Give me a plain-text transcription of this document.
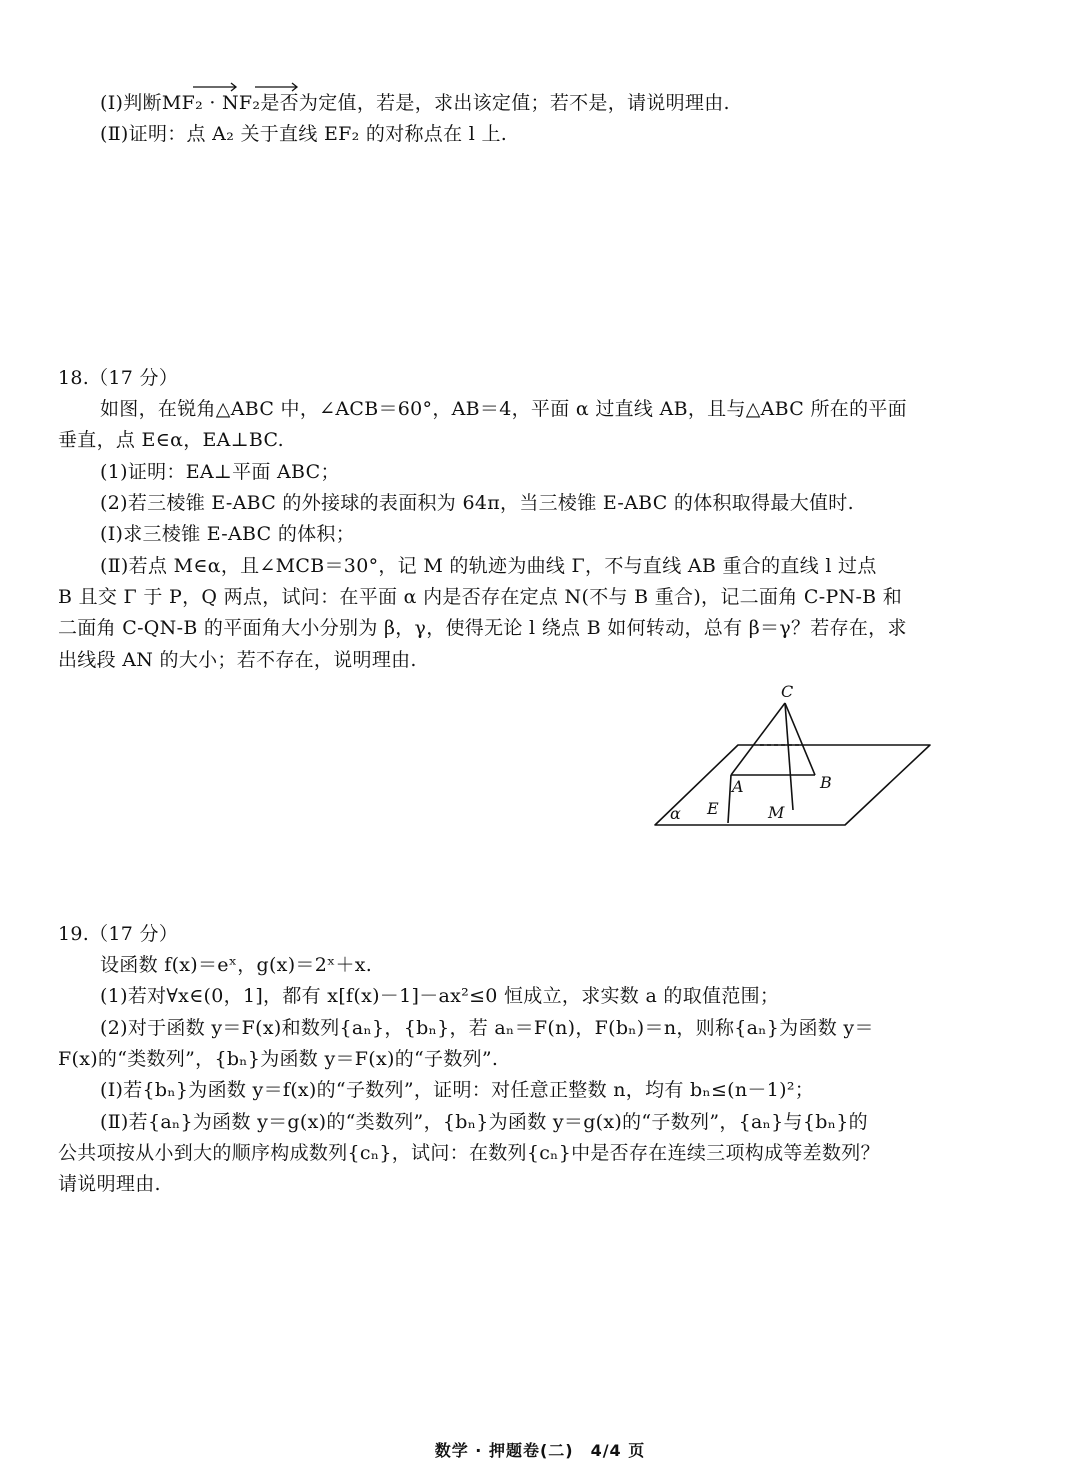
(Ⅰ)判断MF₂ · NF₂是否为定值，若是，求出该定值；若不是，请说明理由.
(Ⅱ)证明：点 A₂ 关于直线 EF₂ 的对称点在 l 上.
18.（17 分）
如图，在锐角△ABC 中，∠ACB＝60°，AB＝4，平面 α 过直线 AB，且与△ABC 所在的平面
垂直，点 E∈α，EA⊥BC.
(1)证明：EA⊥平面 ABC；
(2)若三棱锥 E-ABC 的外接球的表面积为 64π，当三棱锥 E-ABC 的体积取得最大值时.
(Ⅰ)求三棱锥 E-ABC 的体积；
(Ⅱ)若点 M∈α，且∠MCB＝30°，记 M 的轨迹为曲线 Γ，不与直线 AB 重合的直线 l 过点
B 且交 Γ 于 P，Q 两点，试问：在平面 α 内是否存在定点 N(不与 B 重合)，记二面角 C-PN-B 和
二面角 C-QN-B 的平面角大小分别为 β，γ，使得无论 l 绕点 B 如何转动，总有 β＝γ？若存在，求
出线段 AN 的大小；若不存在，说明理由.
C
A	B
E	M
α
19.（17 分）
设函数 f(x)＝eˣ，g(x)＝2ˣ＋x.
(1)若对∀x∈(0，1]，都有 x[f(x)－1]－ax²≤0 恒成立，求实数 a 的取值范围；
(2)对于函数 y＝F(x)和数列{aₙ}，{bₙ}，若 aₙ＝F(n)，F(bₙ)＝n，则称{aₙ}为函数 y＝
F(x)的“类数列”，{bₙ}为函数 y＝F(x)的“子数列”.
(Ⅰ)若{bₙ}为函数 y＝f(x)的“子数列”，证明：对任意正整数 n，均有 bₙ≤(n－1)²；
(Ⅱ)若{aₙ}为函数 y＝g(x)的“类数列”，{bₙ}为函数 y＝g(x)的“子数列”，{aₙ}与{bₙ}的
公共项按从小到大的顺序构成数列{cₙ}，试问：在数列{cₙ}中是否存在连续三项构成等差数列？
请说明理由.
数学 · 押题卷(二)　4/4 页
